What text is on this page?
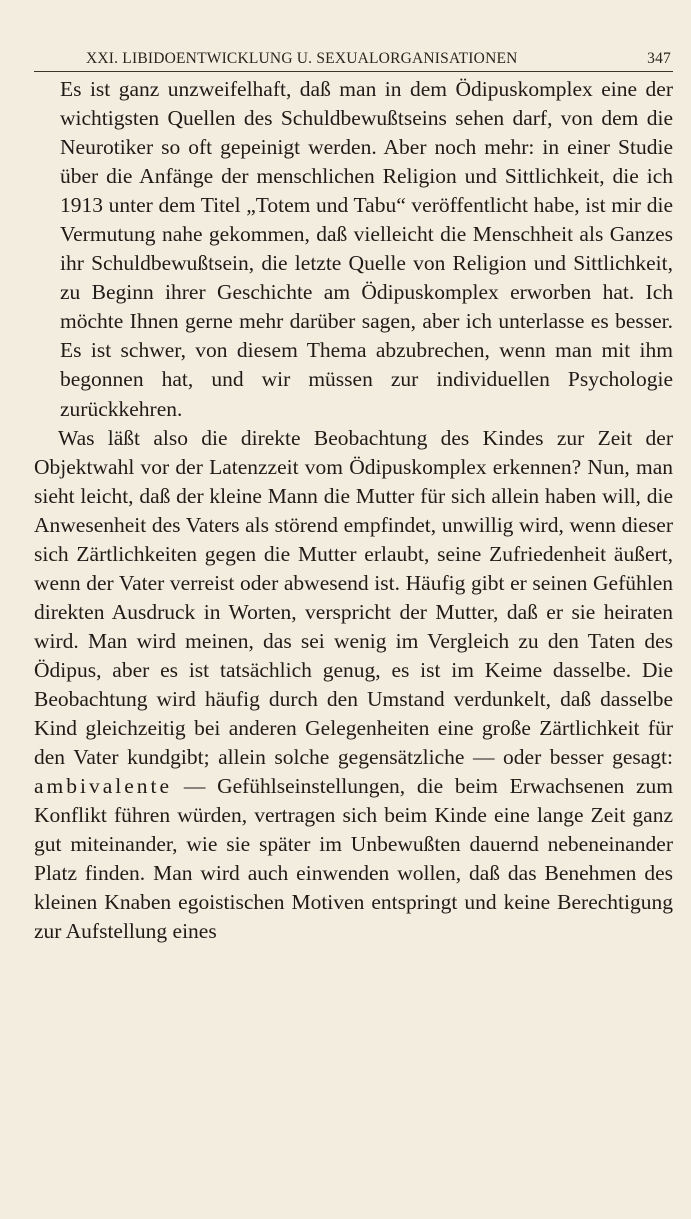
XXI. LIBIDOENTWICKLUNG U. SEXUALORGANISATIONEN	347

Es ist ganz unzweifelhaft, daß man in dem Ödipuskomplex eine der wichtigsten Quellen des Schuldbewußtseins sehen darf, von dem die Neurotiker so oft gepeinigt werden. Aber noch mehr: in einer Studie über die Anfänge der menschlichen Religion und Sittlichkeit, die ich 1913 unter dem Titel „Totem und Tabu“ veröffentlicht habe, ist mir die Vermutung nahe gekommen, daß vielleicht die Menschheit als Ganzes ihr Schuldbewußtsein, die letzte Quelle von Religion und Sittlichkeit, zu Beginn ihrer Geschichte am Ödipuskomplex erworben hat. Ich möchte Ihnen gerne mehr darüber sagen, aber ich unterlasse es besser. Es ist schwer, von diesem Thema abzubrechen, wenn man mit ihm begonnen hat, und wir müssen zur individuellen Psychologie zurückkehren.

Was läßt also die direkte Beobachtung des Kindes zur Zeit der Objektwahl vor der Latenzzeit vom Ödipuskomplex erkennen? Nun, man sieht leicht, daß der kleine Mann die Mutter für sich allein haben will, die Anwesenheit des Vaters als störend empfindet, unwillig wird, wenn dieser sich Zärtlichkeiten gegen die Mutter erlaubt, seine Zufriedenheit äußert, wenn der Vater verreist oder abwesend ist. Häufig gibt er seinen Gefühlen direkten Ausdruck in Worten, verspricht der Mutter, daß er sie heiraten wird. Man wird meinen, das sei wenig im Vergleich zu den Taten des Ödipus, aber es ist tatsächlich genug, es ist im Keime dasselbe. Die Beobachtung wird häufig durch den Umstand verdunkelt, daß dasselbe Kind gleichzeitig bei anderen Gelegenheiten eine große Zärtlichkeit für den Vater kundgibt; allein solche gegensätzliche — oder besser gesagt: ambivalente — Gefühlseinstellungen, die beim Erwachsenen zum Konflikt führen würden, vertragen sich beim Kinde eine lange Zeit ganz gut miteinander, wie sie später im Unbewußten dauernd nebeneinander Platz finden. Man wird auch einwenden wollen, daß das Benehmen des kleinen Knaben egoistischen Motiven entspringt und keine Berechtigung zur Aufstellung eines
